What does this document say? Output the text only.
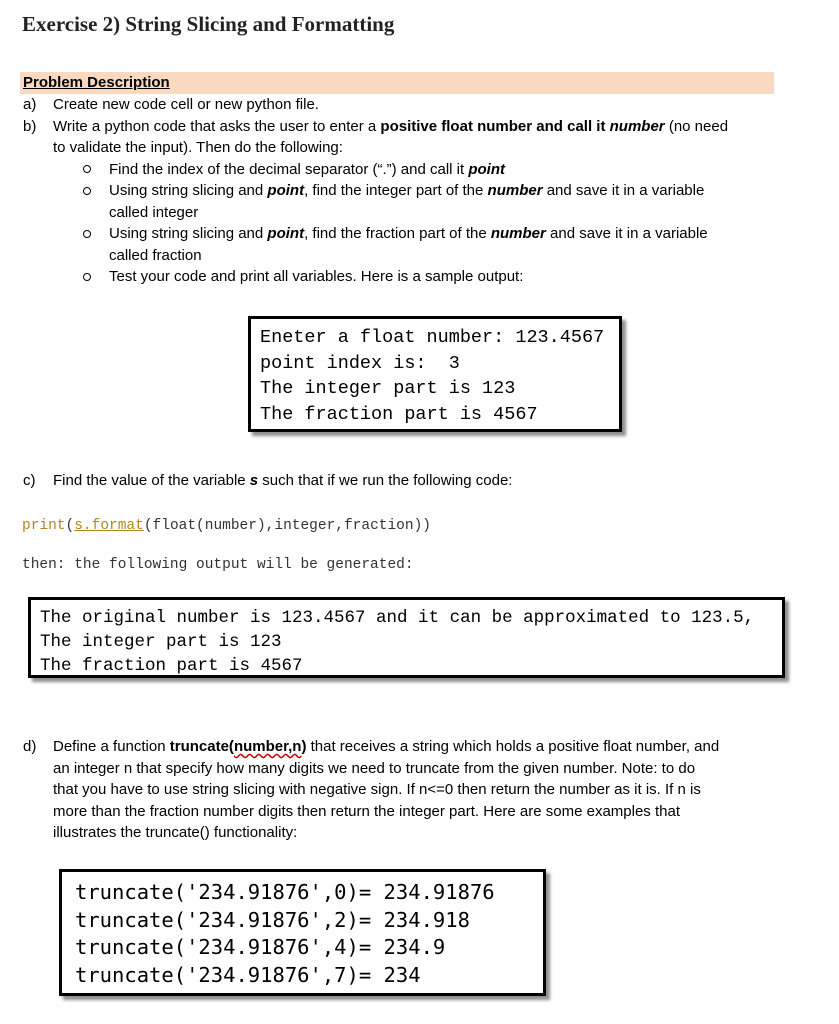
Exercise 2) String Slicing and Formatting
Problem Description
a) Create new code cell or new python file.
b) Write a python code that asks the user to enter a positive float number and call it number (no need
to validate the input). Then do the following:
Find the index of the decimal separator (“.”) and call it point
Using string slicing and point, find the integer part of the number and save it in a variable
called integer
Using string slicing and point, find the fraction part of the number and save it in a variable
called fraction
Test your code and print all variables. Here is a sample output:
Eneter a float number: 123.4567
point index is:  3
The integer part is 123
The fraction part is 4567
c) Find the value of the variable s such that if we run the following code:
print(s.format(float(number),integer,fraction))
then: the following output will be generated:
The original number is 123.4567 and it can be approximated to 123.5,
The integer part is 123
The fraction part is 4567
d) Define a function truncate(number,n) that receives a string which holds a positive float number, and
an integer n that specify how many digits we need to truncate from the given number. Note: to do
that you have to use string slicing with negative sign. If n<=0 then return the number as it is. If n is
more than the fraction number digits then return the integer part. Here are some examples that
illustrates the truncate() functionality:
truncate('234.91876',0)= 234.91876
truncate('234.91876',2)= 234.918
truncate('234.91876',4)= 234.9
truncate('234.91876',7)= 234
